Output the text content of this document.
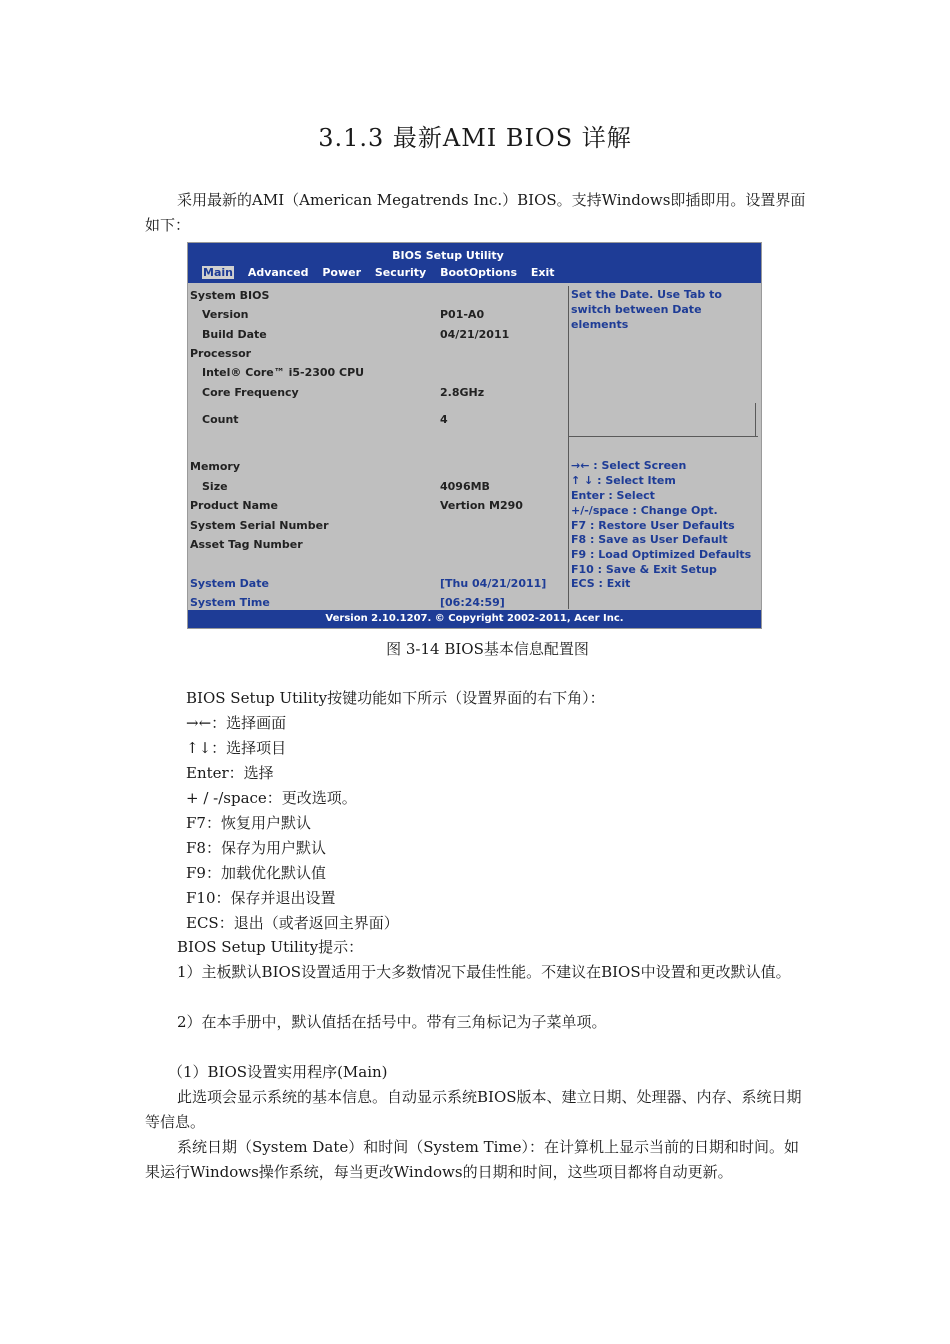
3.1.3 最新AMI BIOS 详解
采用最新的AMI（American Megatrends Inc.）BIOS。支持Windows即插即用。设置界面如下：
BIOS Setup Utility
Main Advanced Power Security BootOptions Exit
System BIOS
Version	P01-A0
Build Date	04/21/2011
Processor
Intel® Core™ i5-2300 CPU
Core Frequency	2.8GHz
Count	4
Memory
Size	4096MB
Product Name	Vertion M290
System Serial Number
Asset Tag Number
System Date	[Thu 04/21/2011]
System Time	[06:24:59]
Set the Date. Use Tab to
switch between Date
elements
→← : Select Screen
↑ ↓ : Select Item
Enter : Select
+/-/space : Change Opt.
F7 : Restore User Defaults
F8 : Save as User Default
F9 : Load Optimized Defaults
F10 : Save & Exit Setup
ECS : Exit
Version 2.10.1207. © Copyright 2002-2011, Acer Inc.
图 3-14 BIOS基本信息配置图
BIOS Setup Utility按键功能如下所示（设置界面的右下角）：
→←：选择画面
↑↓：选择项目
Enter：选择
+ / -/space：更改选项。
F7：恢复用户默认
F8：保存为用户默认
F9：加载优化默认值
F10：保存并退出设置
ECS：退出（或者返回主界面）
BIOS Setup Utility提示：
1）主板默认BIOS设置适用于大多数情况下最佳性能。不建议在BIOS中设置和更改默认值。
2）在本手册中，默认值括在括号中。带有三角标记为子菜单项。
（1）BIOS设置实用程序(Main)
此选项会显示系统的基本信息。自动显示系统BIOS版本、建立日期、处理器、内存、系统日期等信息。
系统日期（System Date）和时间（System Time）：在计算机上显示当前的日期和时间。如果运行Windows操作系统，每当更改Windows的日期和时间，这些项目都将自动更新。
